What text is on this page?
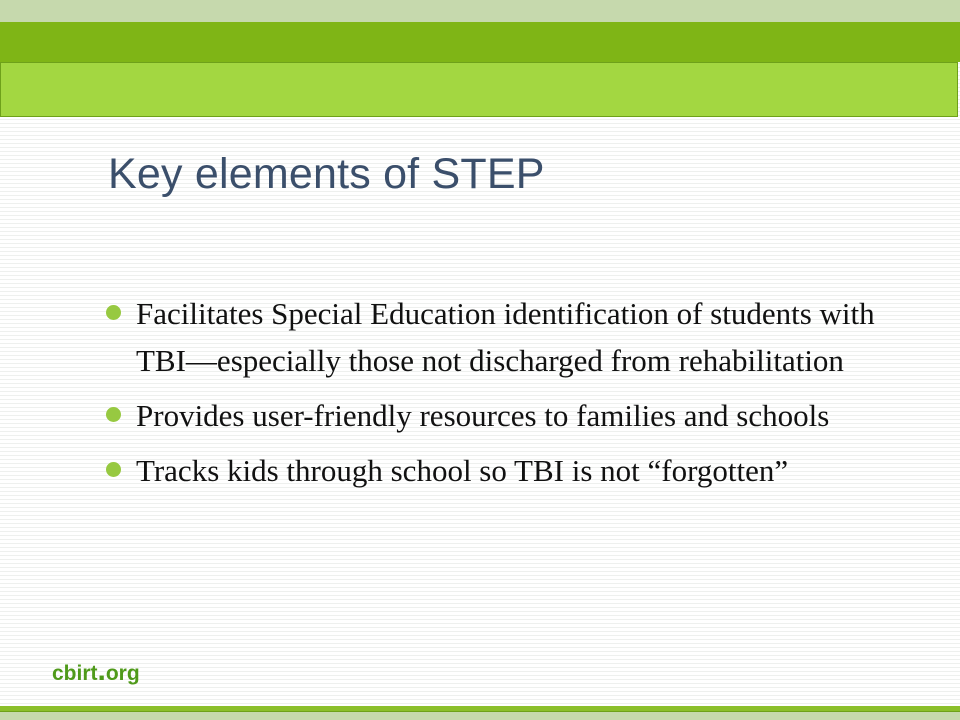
Key elements of STEP
Facilitates Special Education identification of students with TBI—especially those not discharged from rehabilitation
Provides user-friendly resources to families and schools
Tracks kids through school so TBI is not “forgotten”

cbirt.org
